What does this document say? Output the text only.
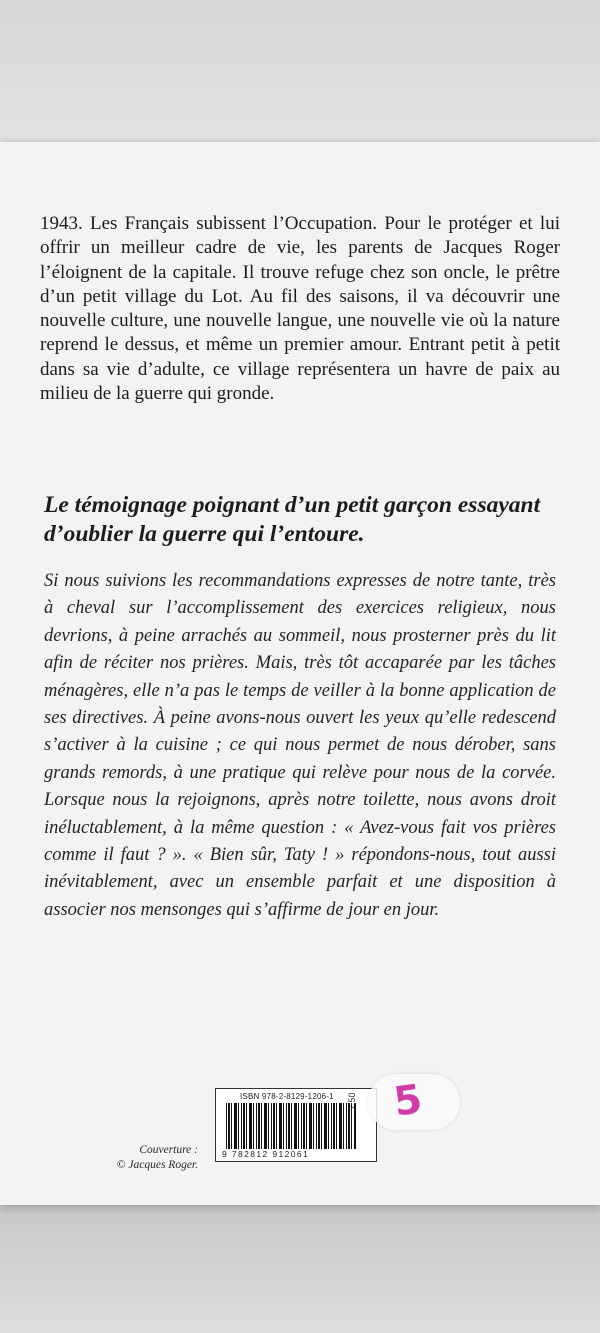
1943. Les Français subissent l’Occupation. Pour le protéger et lui offrir un meilleur cadre de vie, les parents de Jacques Roger l’éloignent de la capitale. Il trouve refuge chez son oncle, le prêtre d’un petit village du Lot. Au fil des saisons, il va découvrir une nouvelle culture, une nouvelle langue, une nouvelle vie où la nature reprend le dessus, et même un premier amour. Entrant petit à petit dans sa vie d’adulte, ce village représentera un havre de paix au milieu de la guerre qui gronde.

Le témoignage poignant d’un petit garçon essayant d’oublier la guerre qui l’entoure.

Si nous suivions les recommandations expresses de notre tante, très à cheval sur l’accomplissement des exercices religieux, nous devrions, à peine arrachés au sommeil, nous prosterner près du lit afin de réciter nos prières. Mais, très tôt accaparée par les tâches ménagères, elle n’a pas le temps de veiller à la bonne application de ses directives. À peine avons-nous ouvert les yeux qu’elle redescend s’activer à la cuisine ; ce qui nous permet de nous dérober, sans grands remords, à une pratique qui relève pour nous de la corvée. Lorsque nous la rejoignons, après notre toilette, nous avons droit inéluctablement, à la même question : « Avez-vous fait vos prières comme il faut ? ». « Bien sûr, Taty ! » répondons-nous, tout aussi inévitablement, avec un ensemble parfait et une disposition à associer nos mensonges qui s’affirme de jour en jour.

Couverture :
© Jacques Roger.
ISBN 978-2-8129-1206-1
9 782812 912061
7,50 5
